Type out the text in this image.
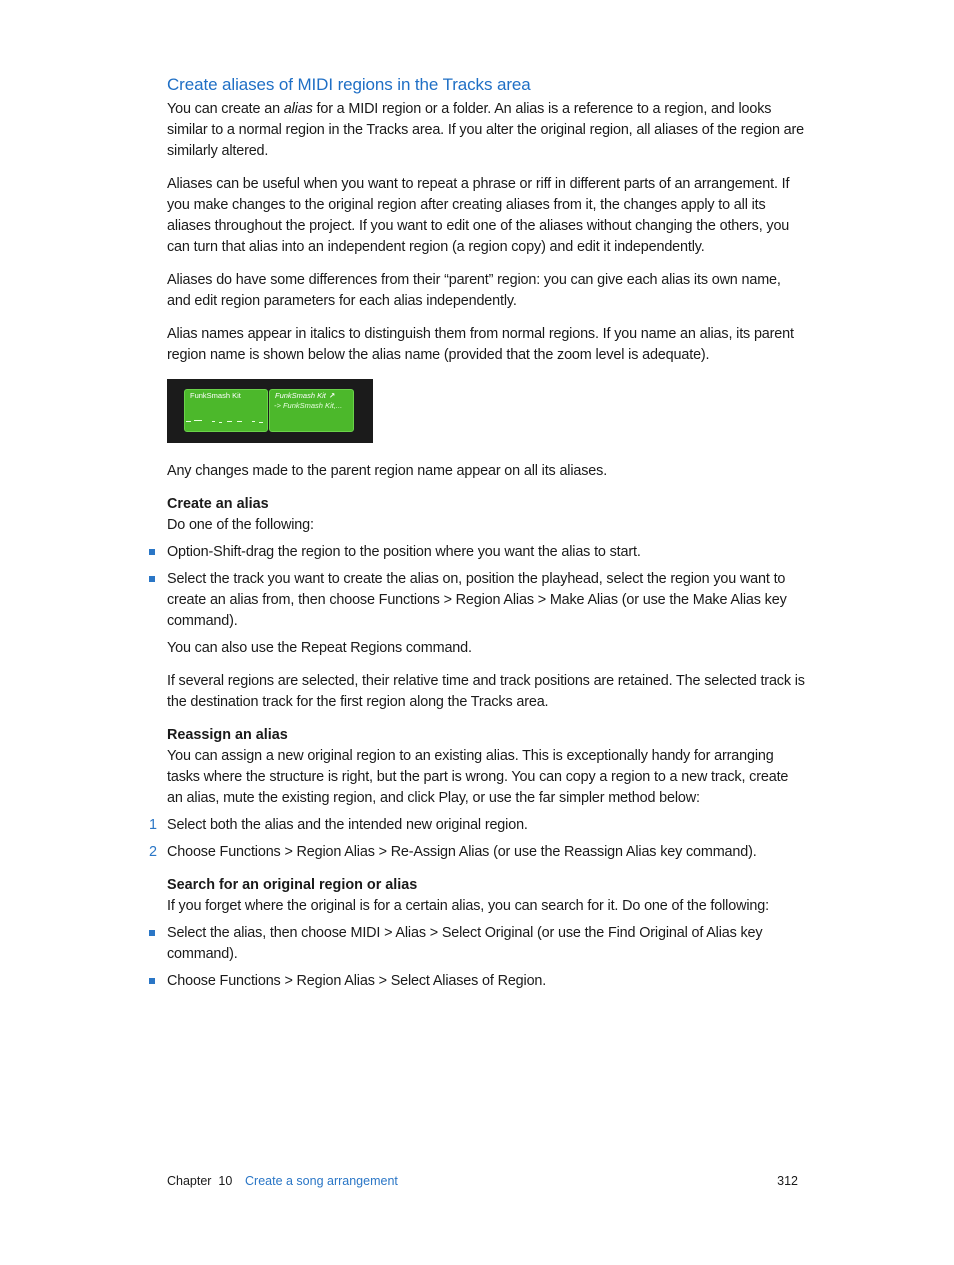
Create aliases of MIDI regions in the Tracks area

You can create an alias for a MIDI region or a folder. An alias is a reference to a region, and looks similar to a normal region in the Tracks area. If you alter the original region, all aliases of the region are similarly altered.

Aliases can be useful when you want to repeat a phrase or riff in different parts of an arrangement. If you make changes to the original region after creating aliases from it, the changes apply to all its aliases throughout the project. If you want to edit one of the aliases without changing the others, you can turn that alias into an independent region (a region copy) and edit it independently.

Aliases do have some differences from their “parent” region: you can give each alias its own name, and edit region parameters for each alias independently.

Alias names appear in italics to distinguish them from normal regions. If you name an alias, its parent region name is shown below the alias name (provided that the zoom level is adequate).

FunkSmash Kit	FunkSmash Kit ↗
-> FunkSmash Kit,...

Any changes made to the parent region name appear on all its aliases.

Create an alias

Do one of the following:

Option-Shift-drag the region to the position where you want the alias to start.
Select the track you want to create the alias on, position the playhead, select the region you want to create an alias from, then choose Functions > Region Alias > Make Alias (or use the Make Alias key command).

You can also use the Repeat Regions command.

If several regions are selected, their relative time and track positions are retained. The selected track is the destination track for the first region along the Tracks area.

Reassign an alias

You can assign a new original region to an existing alias. This is exceptionally handy for arranging tasks where the structure is right, but the part is wrong. You can copy a region to a new track, create an alias, mute the existing region, and click Play, or use the far simpler method below:

1 Select both the alias and the intended new original region.
2 Choose Functions > Region Alias > Re-Assign Alias (or use the Reassign Alias key command).
Search for an original region or alias

If you forget where the original is for a certain alias, you can search for it. Do one of the following:

Select the alias, then choose MIDI > Alias > Select Original (or use the Find Original of Alias key command).
Choose Functions > Region Alias > Select Aliases of Region.
Chapter  10 Create a song arrangement	312
